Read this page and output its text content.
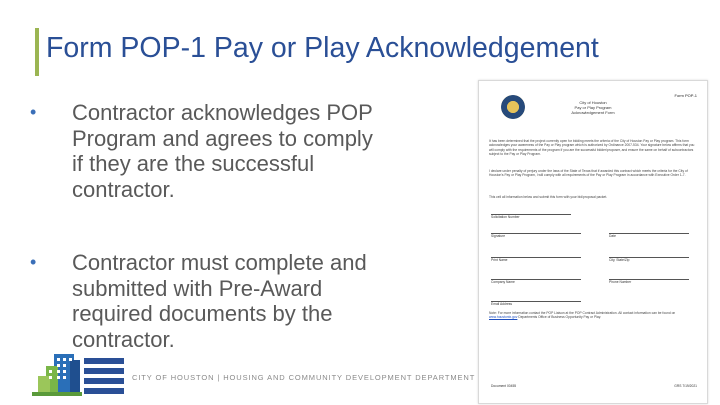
Form POP-1 Pay or Play Acknowledgement
• Contractor acknowledges POP Program and agrees to comply if they are the successful contractor.
• Contractor must complete and submitted with Pre-Award required documents by the contractor.
CITY OF HOUSTON | HOUSING AND COMMUNITY DEVELOPMENT DEPARTMENT
Form POP-1
City of Houston
Pay or Play Program
Acknowledgement Form
It has been determined that the project currently open for bidding meets the criteria of the City of Houston Pay or Play program. This form acknowledges your awareness of the Pay or Play program which is authorized by Ordinance 2007-534. Your signature below affirms that you will comply with the requirements of the program if you are the successful bidder/proposer, and ensure the same on behalf of subcontractors subject to the Pay or Play Program.
I declare under penalty of perjury under the laws of the State of Texas that if awarded this contract which meets the criteria for the City of Houston's Pay or Play Program, I will comply with all requirements of the Pay or Play Program in accordance with Executive Order 1-7.
This cell all information below and submit this form with your bid/proposal packet.
Solicitation Number
Signature	Date
Print Name	City, State/Zip
Company Name	Phone Number
Email Address
Note: For more information contact the POP Liaison at the POP Contract Administration. All contact information can be found on www.houstontx.gov Departments Office of Business Opportunity Pay or Play.
Document 00455	GRS 7/19/2021
